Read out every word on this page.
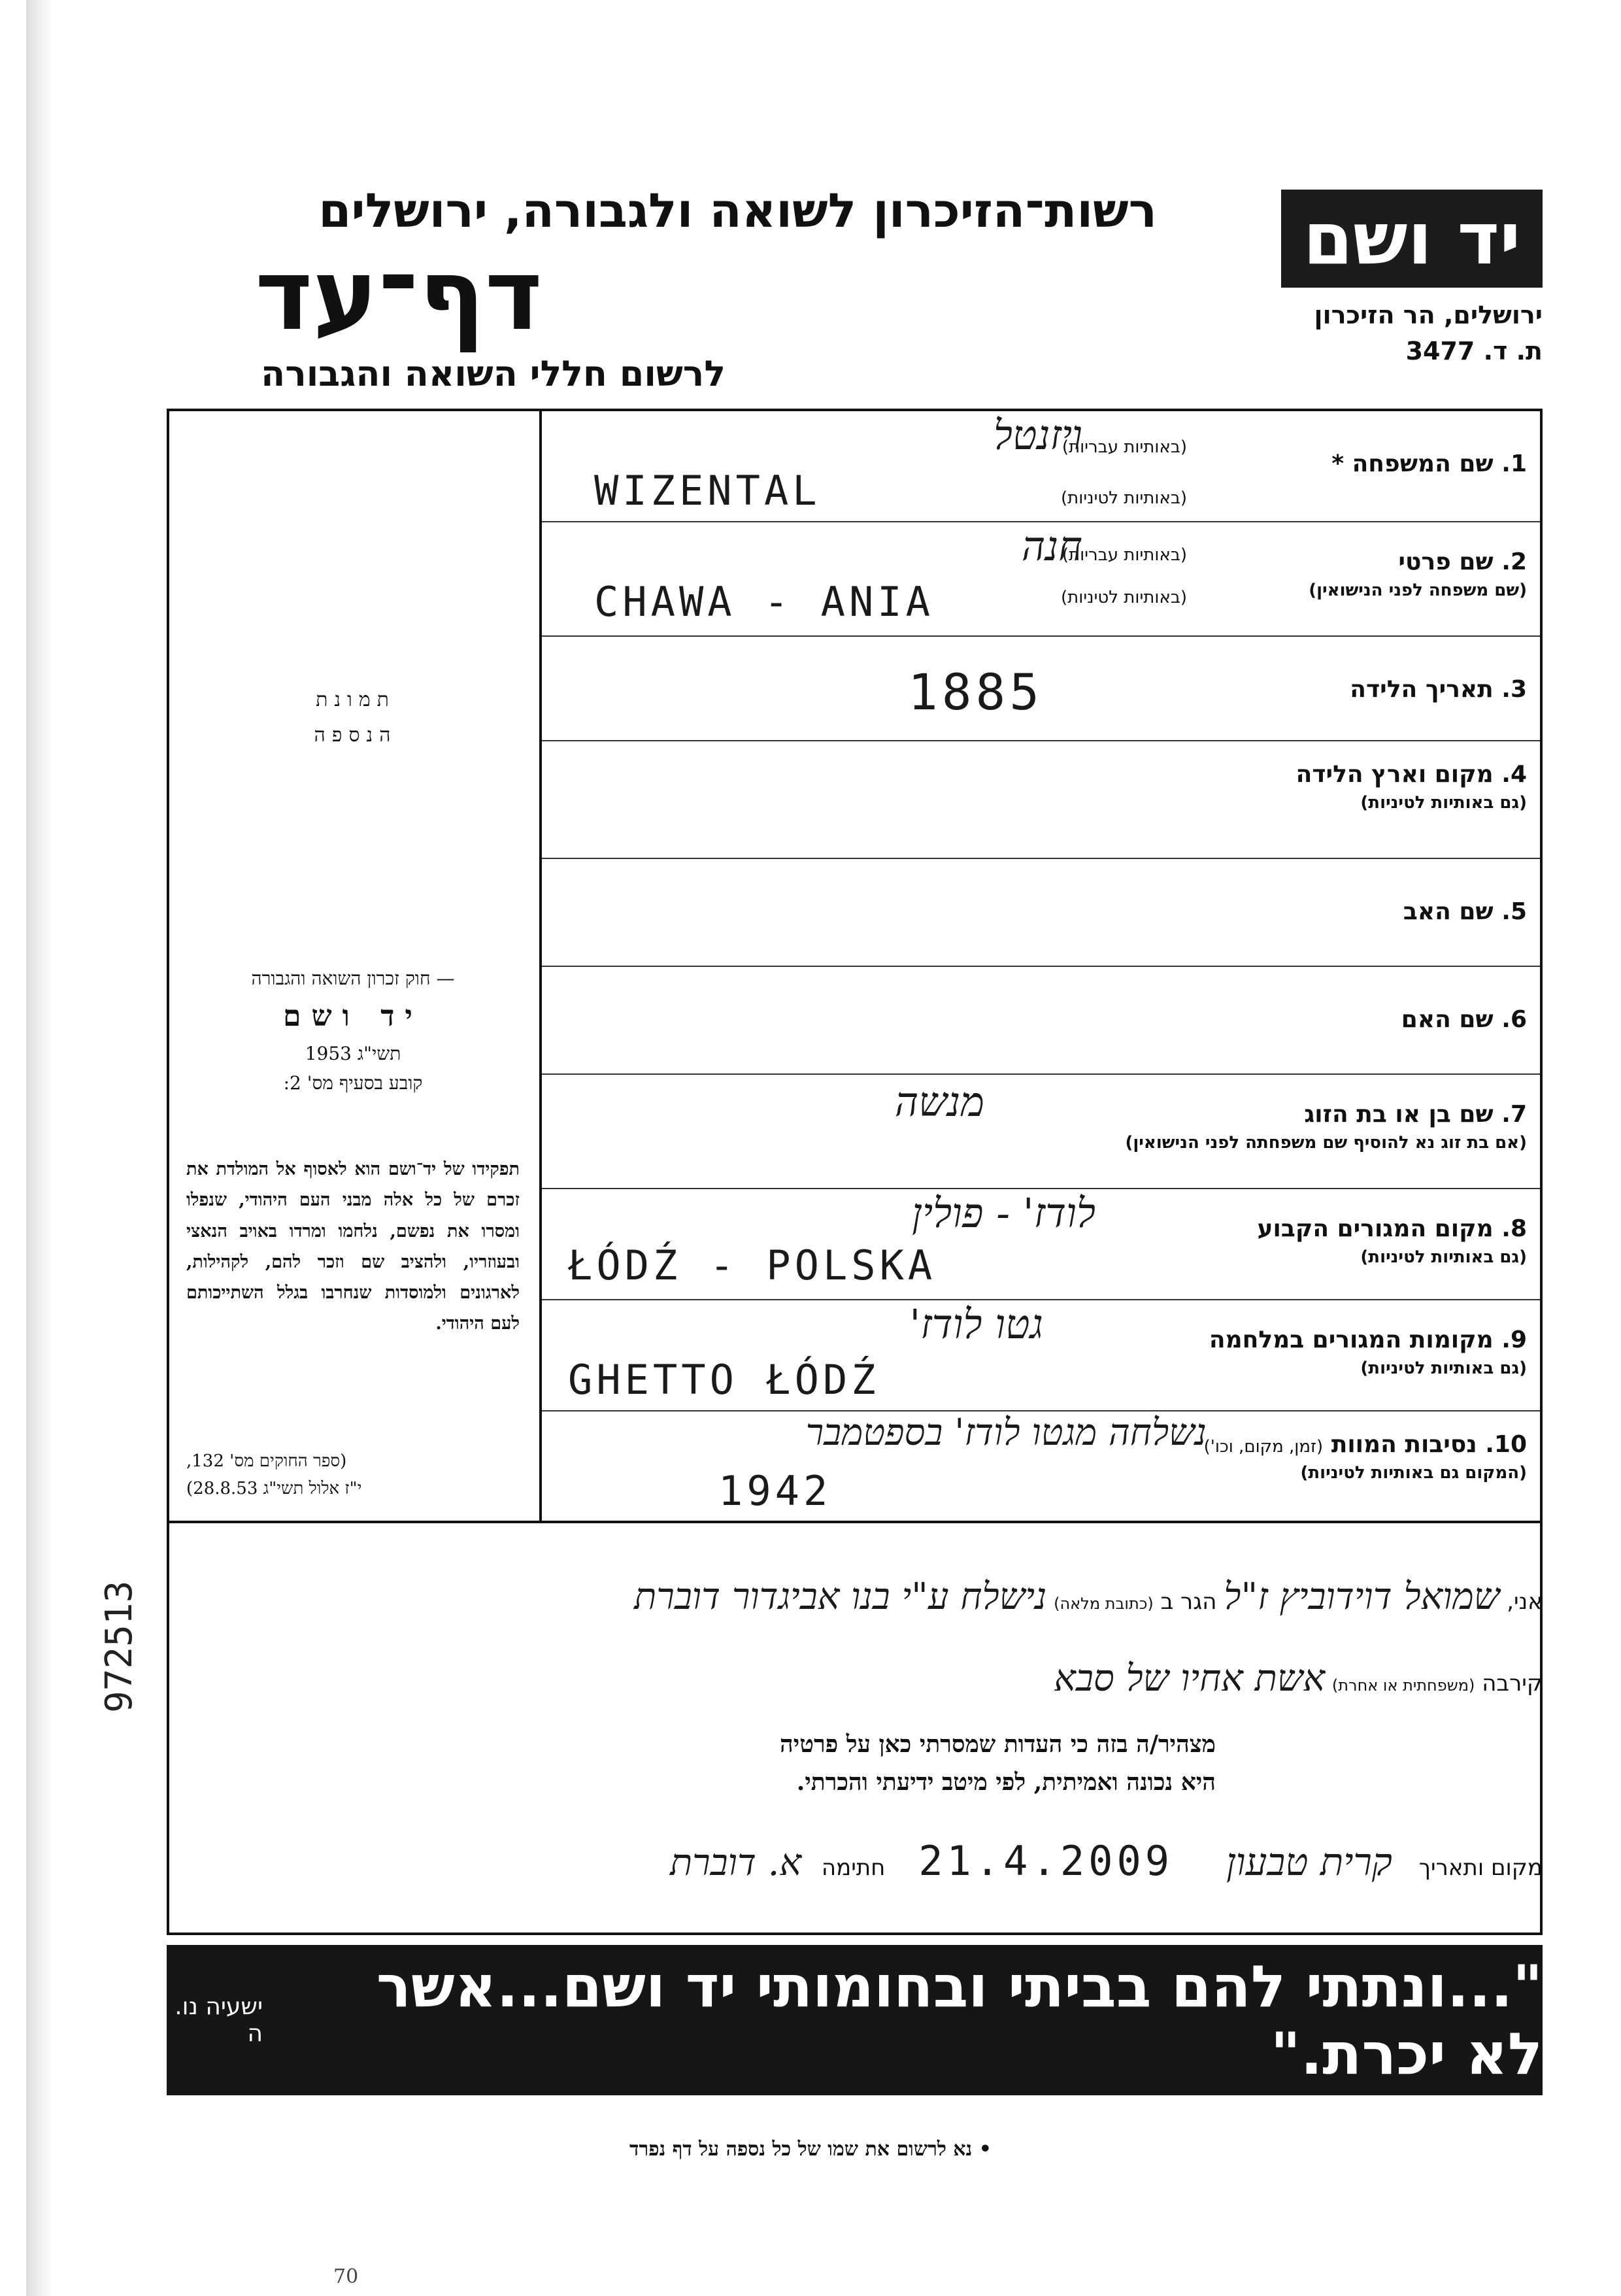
יד ושם
ירושלים, הר הזיכרון
ת. ד. 3477
רשות־הזיכרון לשואה ולגבורה, ירושלים
דף־עד
לרשום חללי השואה והגבורה
תמונת
הנספה
1. שם המשפחה *
(באותיות עבריות)
(באותיות לטיניות)
ויזנטל
WIZENTAL
2. שם פרטי
(שם משפחה לפני הנישואין)
(באותיות עבריות)
(באותיות לטיניות)
חנה
CHAWA - ANIA
3. תאריך הלידה
1885
4. מקום וארץ הלידה
(גם באותיות לטיניות)
5. שם האב
6. שם האם
7. שם בן או בת הזוג
(אם בת זוג נא להוסיף שם משפחתה לפני הנישואין)
מנשה
8. מקום המגורים הקבוע
(גם באותיות לטיניות)
לודז' - פולין
ŁÓDŹ - POLSKA
9. מקומות המגורים במלחמה
(גם באותיות לטיניות)
גטו לודז'
GHETTO ŁÓDŹ
10. נסיבות המוות (זמן, מקום, וכו')
(המקום גם באותיות לטיניות)
נשלחה מגטו לודז' בספטמבר
1942
— חוק זכרון השואה והגבורה
יד ושם
תשי"ג 1953
קובע בסעיף מס' 2:
תפקידו של יד־ושם הוא לאסוף אל המולדת את זכרם של כל אלה מבני העם היהודי, שנפלו ומסרו את נפשם, נלחמו ומרדו באויב הנאצי ובעוזריו, ולהציב שם וזכר להם, לקהילות, לארגונים ולמוסדות שנחרבו בגלל השתייכותם לעם היהודי.
(ספר החוקים מס' 132,
י"ז אלול תשי"ג 28.8.53)
אני, שמואל דוידוביץ ז"ל הגר ב (כתובת מלאה) נישלח ע"י בנו אביגדור דוברת
קירבה (משפחתית או אחרת) אשת אחיו של סבא
מצהיר/ה בזה כי העדות שמסרתי כאן על פרטיה
היא נכונה ואמיתית, לפי מיטב ידיעתי והכרתי.
מקום ותאריך קרית טבעון 21.4.2009 חתימה א. דוברת
"...ונתתי להם בביתי ובחומותי יד ושם...אשר לא יכרת."
ישעיה נו. ה
• נא לרשום את שמו של כל נספה על דף נפרד
972513
70
